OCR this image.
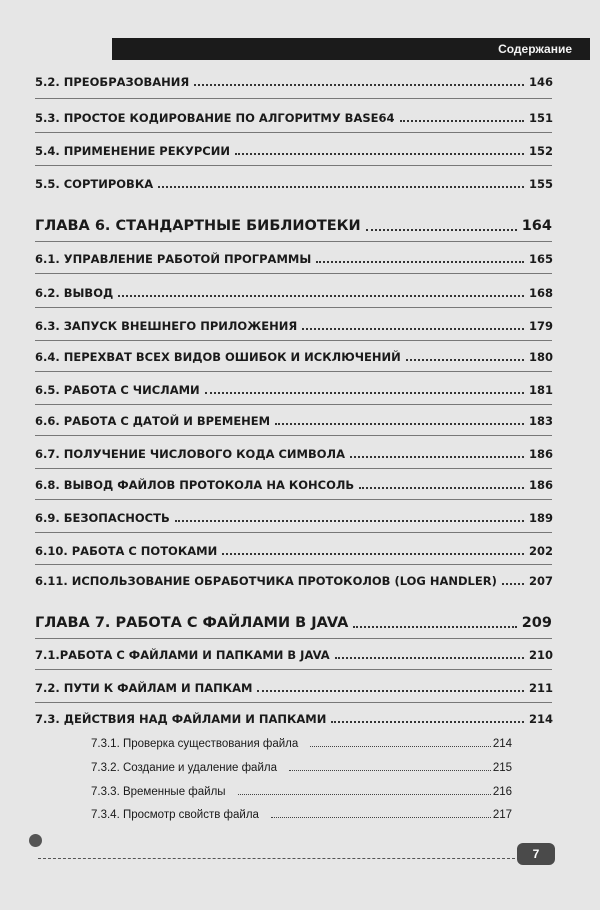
Содержание
5.2. ПРЕОБРАЗОВАНИЯ	146
5.3. ПРОСТОЕ КОДИРОВАНИЕ ПО АЛГОРИТМУ BASE64	151
5.4. ПРИМЕНЕНИЕ РЕКУРСИИ	152
5.5. СОРТИРОВКА	155
ГЛАВА 6. СТАНДАРТНЫЕ БИБЛИОТЕКИ	164
6.1. УПРАВЛЕНИЕ РАБОТОЙ ПРОГРАММЫ	165
6.2. ВЫВОД	168
6.3. ЗАПУСК ВНЕШНЕГО ПРИЛОЖЕНИЯ	179
6.4. ПЕРЕХВАТ ВСЕХ ВИДОВ ОШИБОК И ИСКЛЮЧЕНИЙ	180
6.5. РАБОТА С ЧИСЛАМИ	181
6.6. РАБОТА С ДАТОЙ И ВРЕМЕНЕМ	183
6.7. ПОЛУЧЕНИЕ ЧИСЛОВОГО КОДА СИМВОЛА	186
6.8. ВЫВОД ФАЙЛОВ ПРОТОКОЛА НА КОНСОЛЬ	186
6.9. БЕЗОПАСНОСТЬ	189
6.10. РАБОТА С ПОТОКАМИ	202
6.11. ИСПОЛЬЗОВАНИЕ ОБРАБОТЧИКА ПРОТОКОЛОВ (LOG HANDLER)	207
ГЛАВА 7. РАБОТА С ФАЙЛАМИ В JAVA	209
7.1.РАБОТА С ФАЙЛАМИ И ПАПКАМИ В JAVA	210
7.2. ПУТИ К ФАЙЛАМ И ПАПКАМ	211
7.3. ДЕЙСТВИЯ НАД ФАЙЛАМИ И ПАПКАМИ	214
7.3.1. Проверка существования файла	214
7.3.2. Создание и удаление файла	215
7.3.3. Временные файлы	216
7.3.4. Просмотр свойств файла	217
7
